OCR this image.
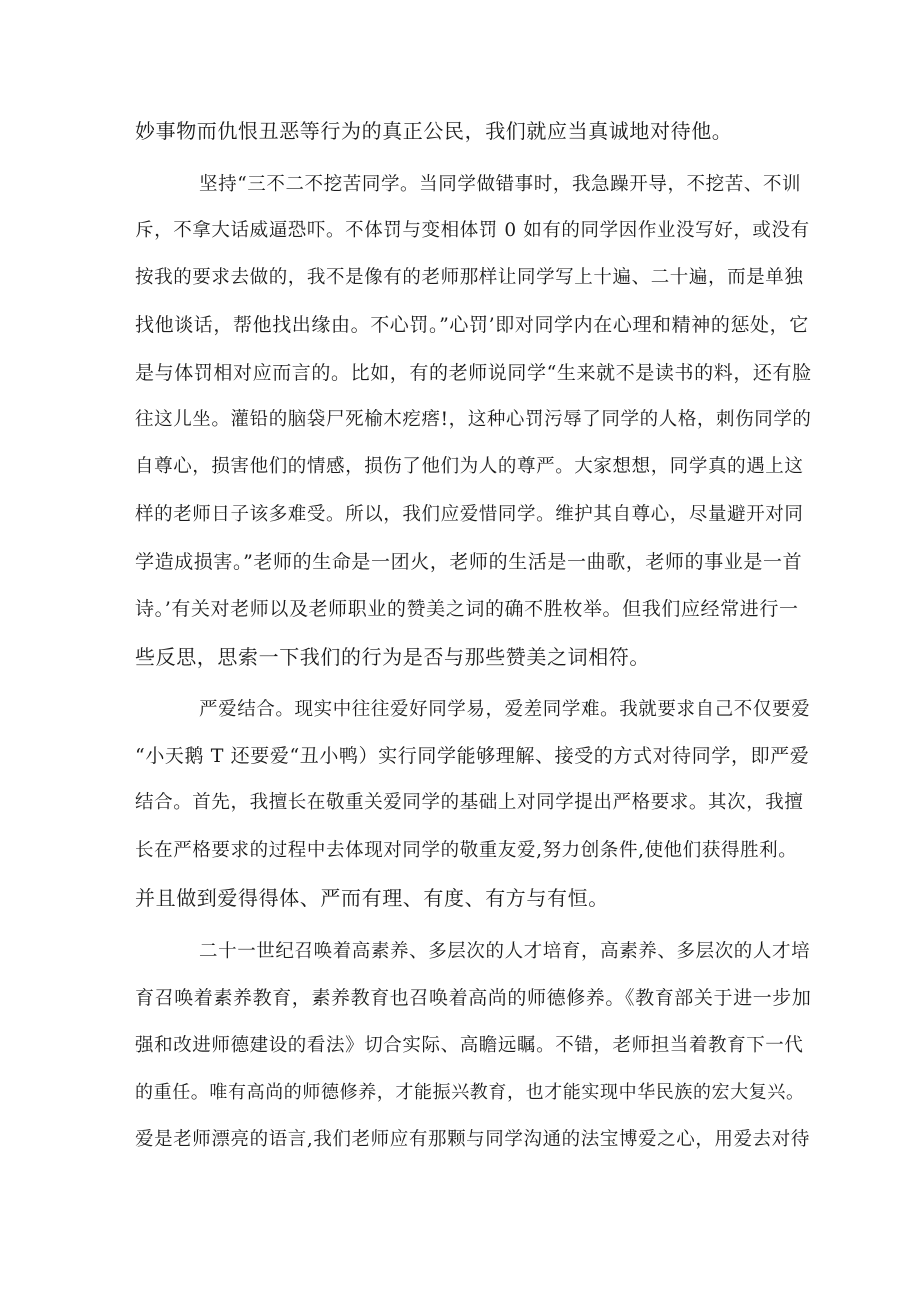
妙事物而仇恨丑恶等行为的真正公民，我们就应当真诚地对待他。
坚持“三不二不挖苦同学。当同学做错事时，我急躁开导，不挖苦、不训
斥，不拿大话威逼恐吓。不体罚与变相体罚 0 如有的同学因作业没写好，或没有
按我的要求去做的，我不是像有的老师那样让同学写上十遍、二十遍，而是单独
找他谈话，帮他找出缘由。不心罚。”心罚’即对同学内在心理和精神的惩处，它
是与体罚相对应而言的。比如，有的老师说同学“生来就不是读书的料，还有脸
往这儿坐。灌铅的脑袋尸死榆木疙瘩!，这种心罚污辱了同学的人格，刺伤同学的
自尊心，损害他们的情感，损伤了他们为人的尊严。大家想想，同学真的遇上这
样的老师日子该多难受。所以，我们应爱惜同学。维护其自尊心，尽量避开对同
学造成损害。”老师的生命是一团火，老师的生活是一曲歌，老师的事业是一首
诗。’有关对老师以及老师职业的赞美之词的确不胜枚举。但我们应经常进行一
些反思，思索一下我们的行为是否与那些赞美之词相符。
严爱结合。现实中往往爱好同学易，爱差同学难。我就要求自己不仅要爱
“小天鹅 T 还要爱“丑小鸭）实行同学能够理解、接受的方式对待同学，即严爱
结合。首先，我擅长在敬重关爱同学的基础上对同学提出严格要求。其次，我擅
长在严格要求的过程中去体现对同学的敬重友爱,努力创条件,使他们获得胜利。
并且做到爱得得体、严而有理、有度、有方与有恒。
二十一世纪召唤着高素养、多层次的人才培育，高素养、多层次的人才培
育召唤着素养教育，素养教育也召唤着高尚的师德修养。《教育部关于进一步加
强和改进师德建设的看法》切合实际、高瞻远瞩。不错，老师担当着教育下一代
的重任。唯有高尚的师德修养，才能振兴教育，也才能实现中华民族的宏大复兴。
爱是老师漂亮的语言,我们老师应有那颗与同学沟通的法宝博爱之心，用爱去对待
